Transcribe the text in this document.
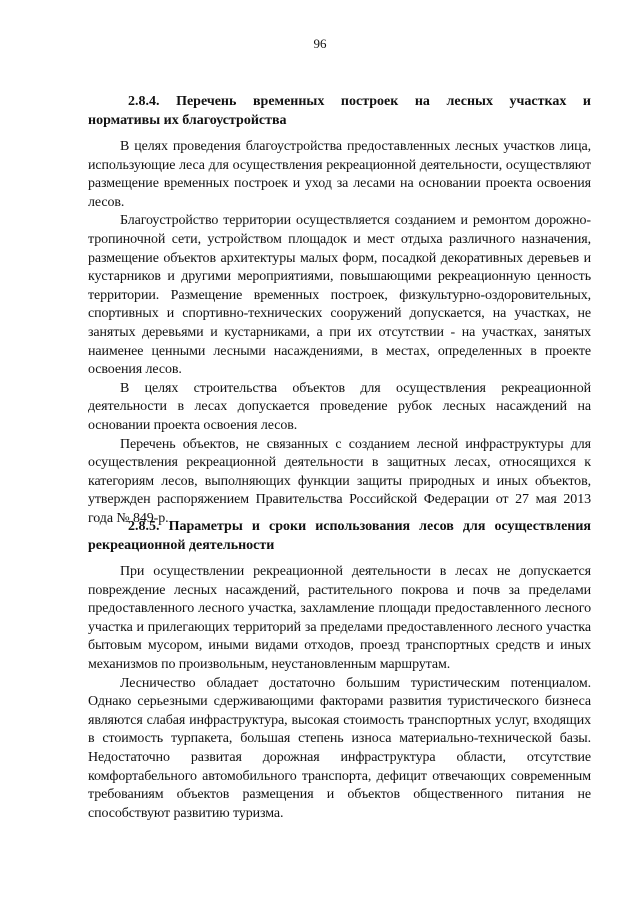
96
2.8.4. Перечень временных построек на лесных участках и
нормативы их благоустройства

В целях проведения благоустройства предоставленных лесных участков лица, использующие леса для осуществления рекреационной деятельности, осуществляют размещение временных построек и уход за лесами на основании проекта освоения лесов.

Благоустройство территории осуществляется созданием и ремонтом дорожно-тропиночной сети, устройством площадок и мест отдыха различного назначения, размещение объектов архитектуры малых форм, посадкой декоративных деревьев и кустарников и другими мероприятиями, повышающими рекреационную ценность территории. Размещение временных построек, физкультурно-оздоровительных, спортивных и спортивно-технических сооружений допускается, на участках, не занятых деревьями и кустарниками, а при их отсутствии - на участках, занятых наименее ценными лесными насаждениями, в местах, определенных в проекте освоения лесов.

В целях строительства объектов для осуществления рекреационной деятельности в лесах допускается проведение рубок лесных насаждений на основании проекта освоения лесов.

Перечень объектов, не связанных с созданием лесной инфраструктуры для осуществления рекреационной деятельности в защитных лесах, относящихся к категориям лесов, выполняющих функции защиты природных и иных объектов, утвержден распоряжением Правительства Российской Федерации от 27 мая 2013 года № 849-р.

2.8.5. Параметры и сроки использования лесов для осуществления
рекреационной деятельности

При осуществлении рекреационной деятельности в лесах не допускается повреждение лесных насаждений, растительного покрова и почв за пределами предоставленного лесного участка, захламление площади предоставленного лесного участка и прилегающих территорий за пределами предоставленного лесного участка бытовым мусором, иными видами отходов, проезд транспортных средств и иных механизмов по произвольным, неустановленным маршрутам.

Лесничество обладает достаточно большим туристическим потенциалом. Однако серьезными сдерживающими факторами развития туристического бизнеса являются слабая инфраструктура, высокая стоимость транспортных услуг, входящих в стоимость турпакета, большая степень износа материально-технической базы. Недостаточно развитая дорожная инфраструктура области, отсутствие комфортабельного автомобильного транспорта, дефицит отвечающих современным требованиям объектов размещения и объектов общественного питания не способствуют развитию туризма.
